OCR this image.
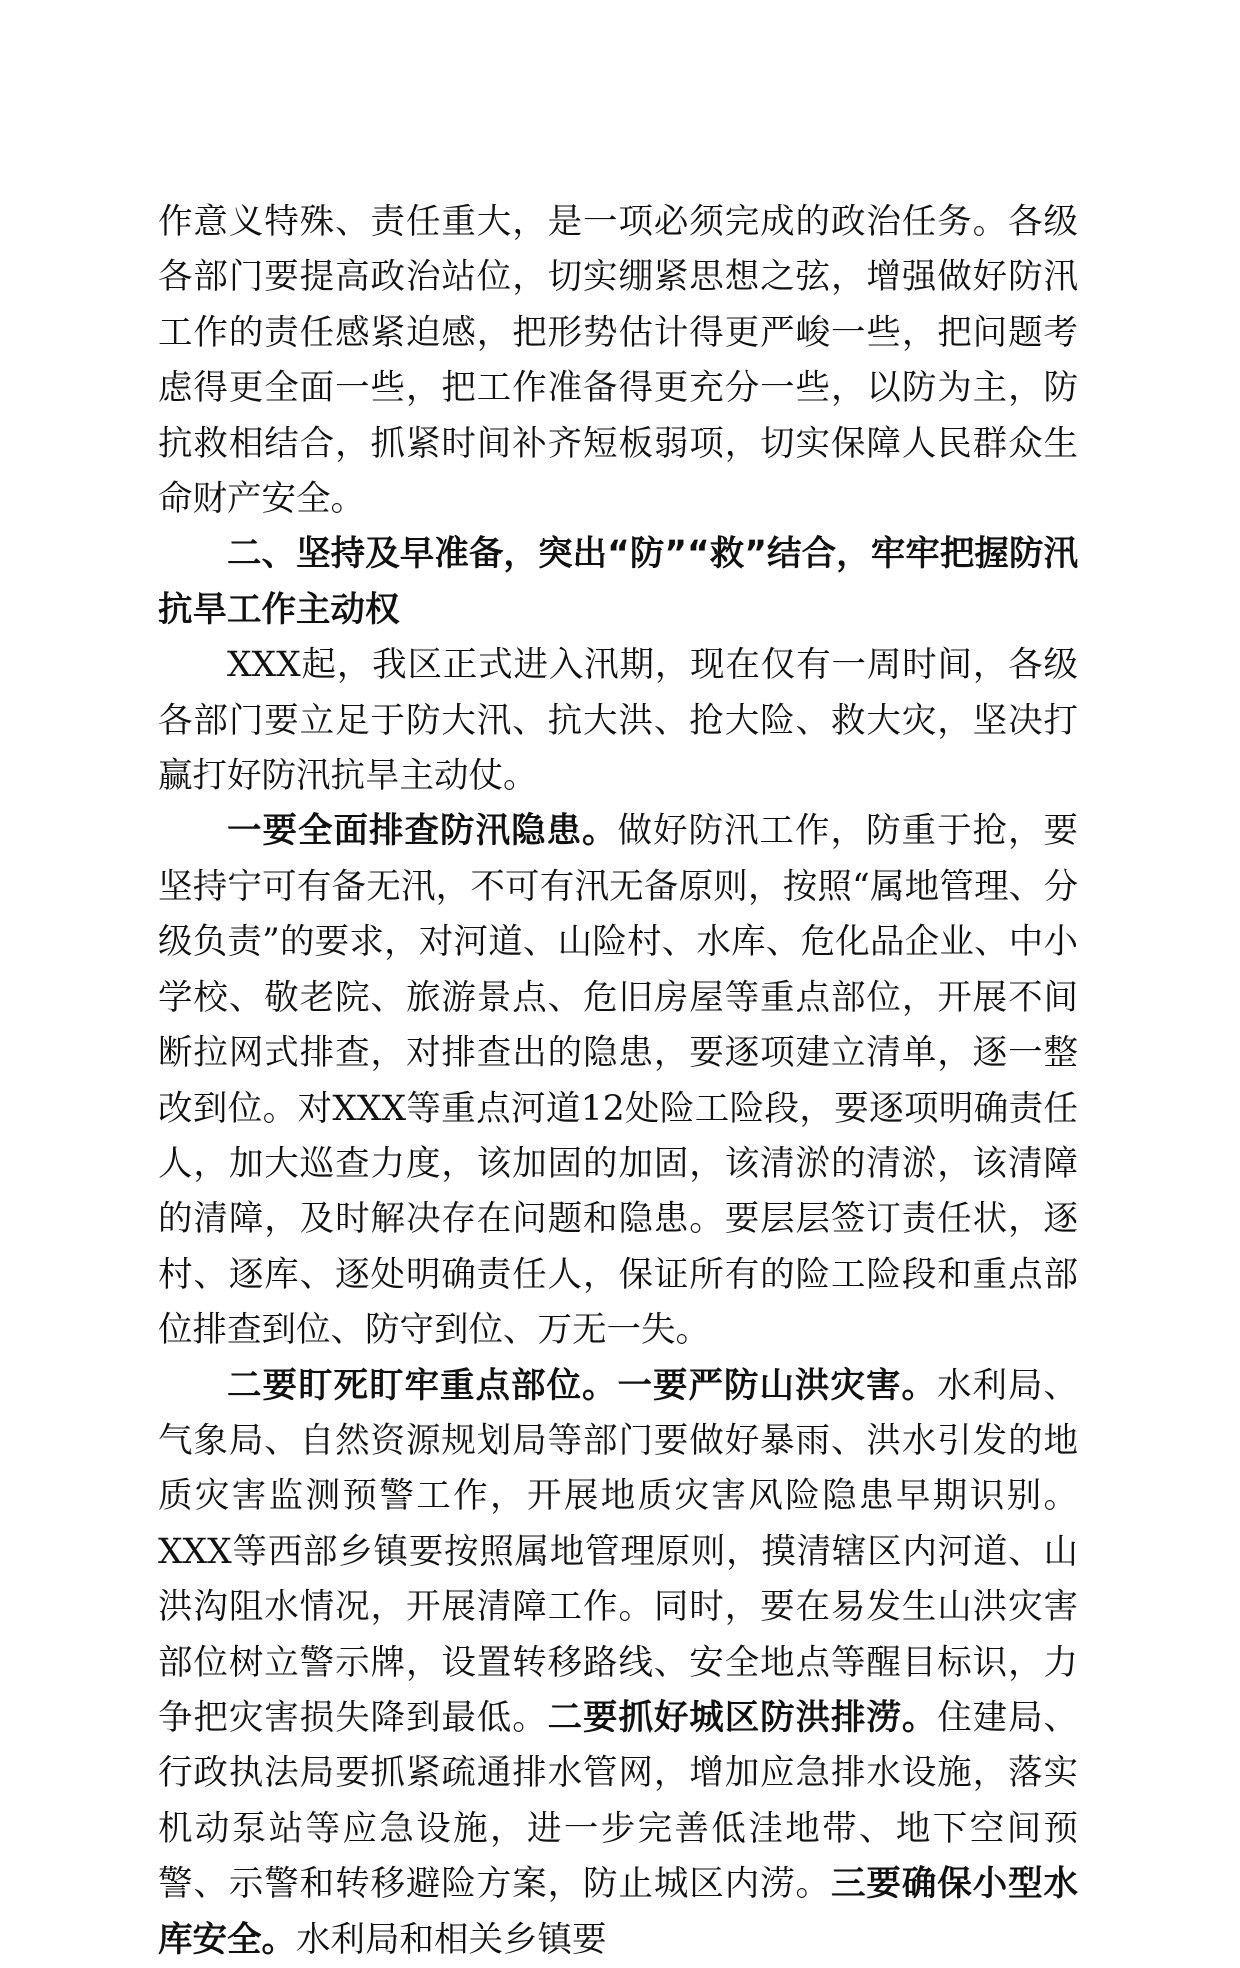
作意义特殊、责任重大，是一项必须完成的政治任务。各级各部门要提高政治站位，切实绷紧思想之弦，增强做好防汛工作的责任感紧迫感，把形势估计得更严峻一些，把问题考虑得更全面一些，把工作准备得更充分一些，以防为主，防抗救相结合，抓紧时间补齐短板弱项，切实保障人民群众生命财产安全。

二、坚持及早准备，突出“防”“救”结合，牢牢把握防汛抗旱工作主动权

XXX起，我区正式进入汛期，现在仅有一周时间，各级各部门要立足于防大汛、抗大洪、抢大险、救大灾，坚决打赢打好防汛抗旱主动仗。

一要全面排查防汛隐患。做好防汛工作，防重于抢，要坚持宁可有备无汛，不可有汛无备原则，按照“属地管理、分级负责”的要求，对河道、山险村、水库、危化品企业、中小学校、敬老院、旅游景点、危旧房屋等重点部位，开展不间断拉网式排查，对排查出的隐患，要逐项建立清单，逐一整改到位。对XXX等重点河道12处险工险段，要逐项明确责任人，加大巡查力度，该加固的加固，该清淤的清淤，该清障的清障，及时解决存在问题和隐患。要层层签订责任状，逐村、逐库、逐处明确责任人，保证所有的险工险段和重点部位排查到位、防守到位、万无一失。

二要盯死盯牢重点部位。一要严防山洪灾害。水利局、气象局、自然资源规划局等部门要做好暴雨、洪水引发的地质灾害监测预警工作，开展地质灾害风险隐患早期识别。XXX等西部乡镇要按照属地管理原则，摸清辖区内河道、山洪沟阻水情况，开展清障工作。同时，要在易发生山洪灾害部位树立警示牌，设置转移路线、安全地点等醒目标识，力争把灾害损失降到最低。二要抓好城区防洪排涝。住建局、行政执法局要抓紧疏通排水管网，增加应急排水设施，落实机动泵站等应急设施，进一步完善低洼地带、地下空间预警、示警和转移避险方案，防止城区内涝。三要确保小型水库安全。水利局和相关乡镇要
